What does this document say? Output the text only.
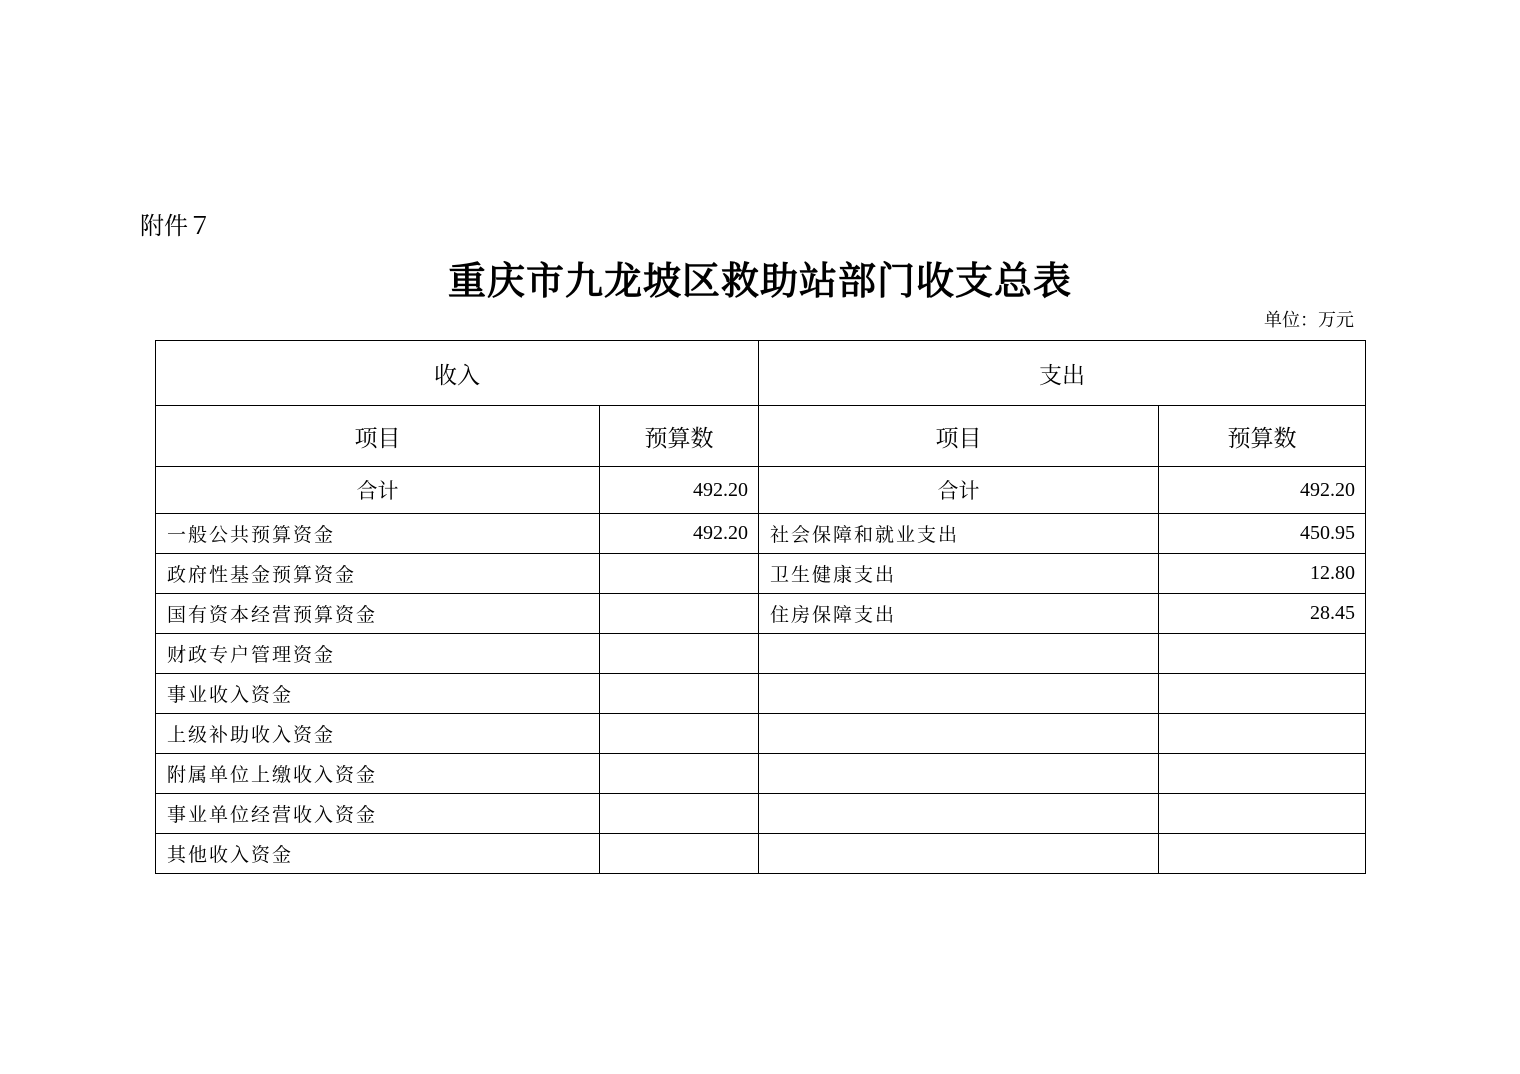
附件７
重庆市九龙坡区救助站部门收支总表
单位：万元
收入		支出	
项目	预算数	项目	预算数
合计	492.20	合计	492.20
一般公共预算资金	492.20	社会保障和就业支出	450.95
政府性基金预算资金		卫生健康支出	12.80
国有资本经营预算资金		住房保障支出	28.45
财政专户管理资金			
事业收入资金			
上级补助收入资金			
附属单位上缴收入资金			
事业单位经营收入资金			
其他收入资金			
